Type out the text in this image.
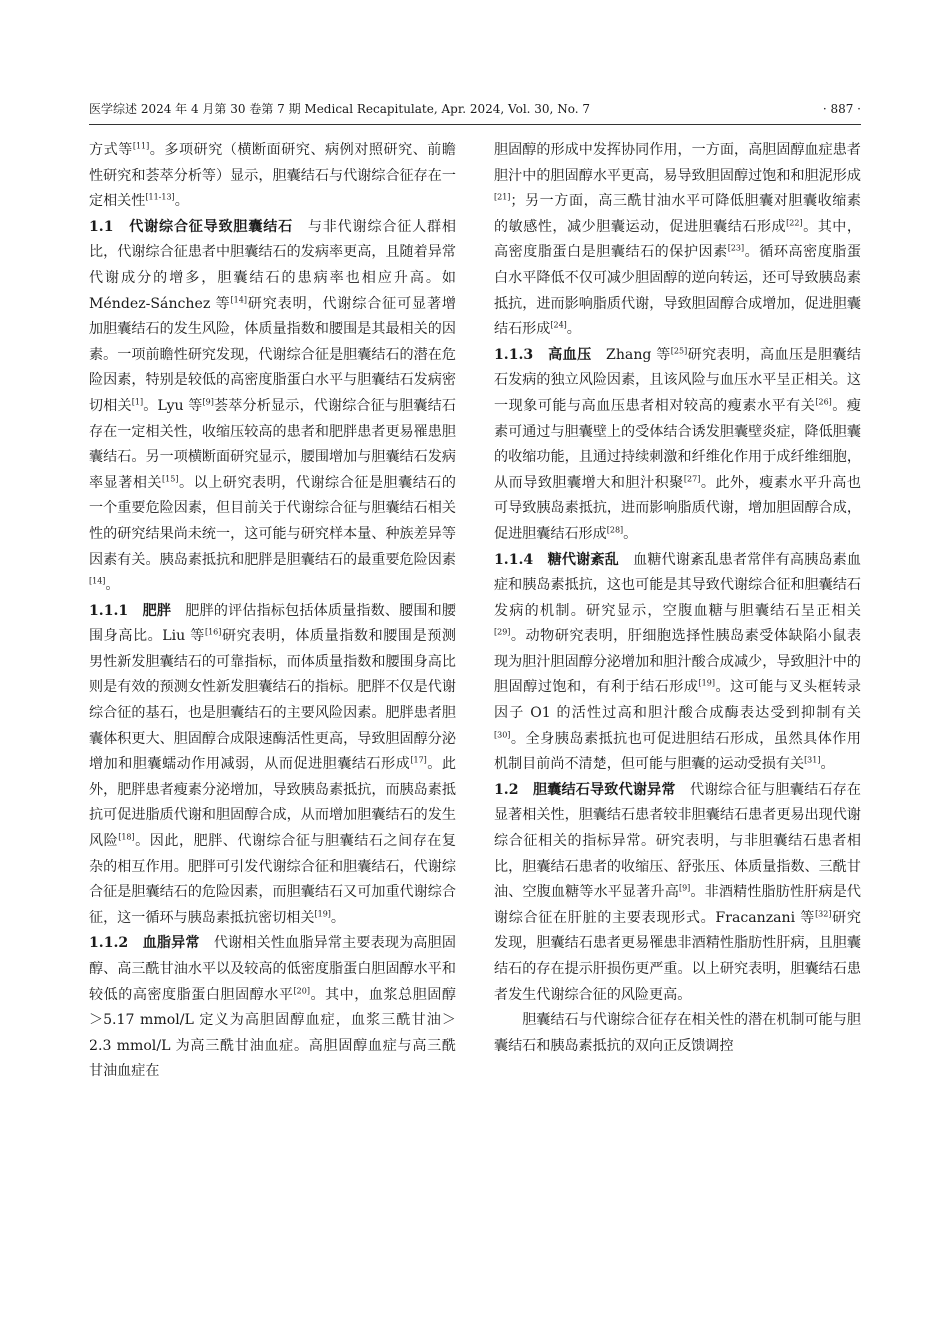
医学综述 2024 年 4 月第 30 卷第 7 期 Medical Recapitulate, Apr. 2024, Vol. 30, No. 7	· 887 ·

方式等[11]。多项研究（横断面研究、病例对照研究、前瞻性研究和荟萃分析等）显示，胆囊结石与代谢综合征存在一定相关性[11-13]。

1.1　代谢综合征导致胆囊结石　与非代谢综合征人群相比，代谢综合征患者中胆囊结石的发病率更高，且随着异常代谢成分的增多，胆囊结石的患病率也相应升高。如 Méndez-Sánchez 等[14]研究表明，代谢综合征可显著增加胆囊结石的发生风险，体质量指数和腰围是其最相关的因素。一项前瞻性研究发现，代谢综合征是胆囊结石的潜在危险因素，特别是较低的高密度脂蛋白水平与胆囊结石发病密切相关[1]。Lyu 等[9]荟萃分析显示，代谢综合征与胆囊结石存在一定相关性，收缩压较高的患者和肥胖患者更易罹患胆囊结石。另一项横断面研究显示，腰围增加与胆囊结石发病率显著相关[15]。以上研究表明，代谢综合征是胆囊结石的一个重要危险因素，但目前关于代谢综合征与胆囊结石相关性的研究结果尚未统一，这可能与研究样本量、种族差异等因素有关。胰岛素抵抗和肥胖是胆囊结石的最重要危险因素[14]。

1.1.1　肥胖　肥胖的评估指标包括体质量指数、腰围和腰围身高比。Liu 等[16]研究表明，体质量指数和腰围是预测男性新发胆囊结石的可靠指标，而体质量指数和腰围身高比则是有效的预测女性新发胆囊结石的指标。肥胖不仅是代谢综合征的基石，也是胆囊结石的主要风险因素。肥胖患者胆囊体积更大、胆固醇合成限速酶活性更高，导致胆固醇分泌增加和胆囊蠕动作用减弱，从而促进胆囊结石形成[17]。此外，肥胖患者瘦素分泌增加，导致胰岛素抵抗，而胰岛素抵抗可促进脂质代谢和胆固醇合成，从而增加胆囊结石的发生风险[18]。因此，肥胖、代谢综合征与胆囊结石之间存在复杂的相互作用。肥胖可引发代谢综合征和胆囊结石，代谢综合征是胆囊结石的危险因素，而胆囊结石又可加重代谢综合征，这一循环与胰岛素抵抗密切相关[19]。

1.1.2　血脂异常　代谢相关性血脂异常主要表现为高胆固醇、高三酰甘油水平以及较高的低密度脂蛋白胆固醇水平和较低的高密度脂蛋白胆固醇水平[20]。其中，血浆总胆固醇＞5.17 mmol/L 定义为高胆固醇血症，血浆三酰甘油＞2.3 mmol/L 为高三酰甘油血症。高胆固醇血症与高三酰甘油血症在

胆固醇的形成中发挥协同作用，一方面，高胆固醇血症患者胆汁中的胆固醇水平更高，易导致胆固醇过饱和和胆泥形成[21]；另一方面，高三酰甘油水平可降低胆囊对胆囊收缩素的敏感性，减少胆囊运动，促进胆囊结石形成[22]。其中，高密度脂蛋白是胆囊结石的保护因素[23]。循环高密度脂蛋白水平降低不仅可减少胆固醇的逆向转运，还可导致胰岛素抵抗，进而影响脂质代谢，导致胆固醇合成增加，促进胆囊结石形成[24]。

1.1.3　高血压　Zhang 等[25]研究表明，高血压是胆囊结石发病的独立风险因素，且该风险与血压水平呈正相关。这一现象可能与高血压患者相对较高的瘦素水平有关[26]。瘦素可通过与胆囊壁上的受体结合诱发胆囊壁炎症，降低胆囊的收缩功能，且通过持续刺激和纤维化作用于成纤维细胞，从而导致胆囊增大和胆汁积聚[27]。此外，瘦素水平升高也可导致胰岛素抵抗，进而影响脂质代谢，增加胆固醇合成，促进胆囊结石形成[28]。

1.1.4　糖代谢紊乱　血糖代谢紊乱患者常伴有高胰岛素血症和胰岛素抵抗，这也可能是其导致代谢综合征和胆囊结石发病的机制。研究显示，空腹血糖与胆囊结石呈正相关[29]。动物研究表明，肝细胞选择性胰岛素受体缺陷小鼠表现为胆汁胆固醇分泌增加和胆汁酸合成减少，导致胆汁中的胆固醇过饱和，有利于结石形成[19]。这可能与叉头框转录因子 O1 的活性过高和胆汁酸合成酶表达受到抑制有关[30]。全身胰岛素抵抗也可促进胆结石形成，虽然具体作用机制目前尚不清楚，但可能与胆囊的运动受损有关[31]。

1.2　胆囊结石导致代谢异常　代谢综合征与胆囊结石存在显著相关性，胆囊结石患者较非胆囊结石患者更易出现代谢综合征相关的指标异常。研究表明，与非胆囊结石患者相比，胆囊结石患者的收缩压、舒张压、体质量指数、三酰甘油、空腹血糖等水平显著升高[9]。非酒精性脂肪性肝病是代谢综合征在肝脏的主要表现形式。Fracanzani 等[32]研究发现，胆囊结石患者更易罹患非酒精性脂肪性肝病，且胆囊结石的存在提示肝损伤更严重。以上研究表明，胆囊结石患者发生代谢综合征的风险更高。

胆囊结石与代谢综合征存在相关性的潜在机制可能与胆囊结石和胰岛素抵抗的双向正反馈调控
